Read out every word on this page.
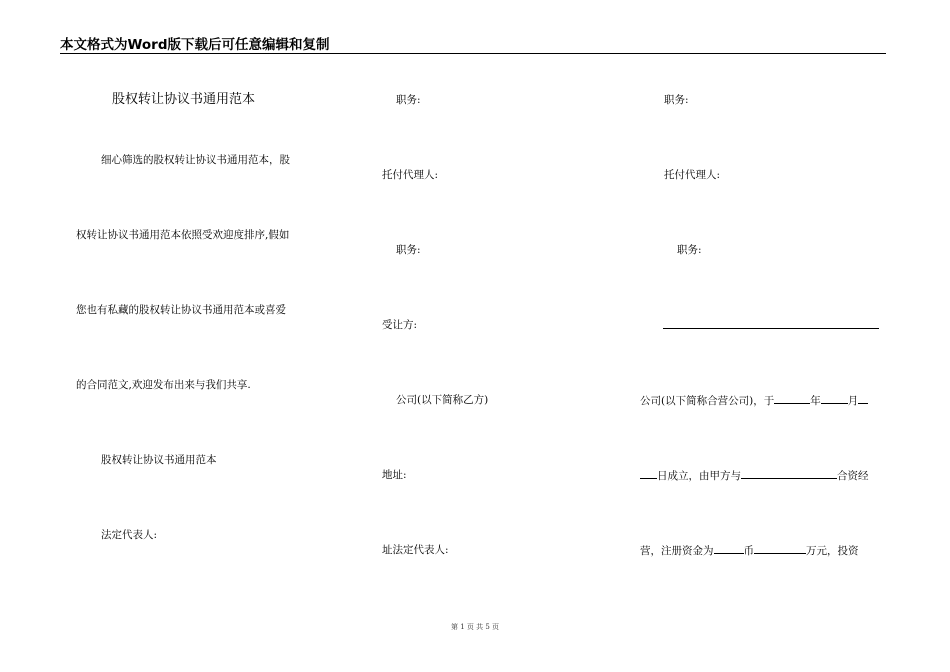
本文格式为Word版下载后可任意编辑和复制
股权转让协议书通用范本
细心筛选的股权转让协议书通用范本，股
权转让协议书通用范本依照受欢迎度排序,假如
您也有私藏的股权转让协议书通用范本或喜爱
的合同范文,欢迎发布出来与我们共享.
股权转让协议书通用范本
法定代表人:
职务:
托付代理人:
职务:
受让方:
公司(以下简称乙方)
地址:
址法定代表人:
职务:
托付代理人:
职务:
公司(以下简称合营公司)，于	年	月
日成立，由甲方与	合资经
营，注册资金为	币	万元，投资
第 1 页 共 5 页
